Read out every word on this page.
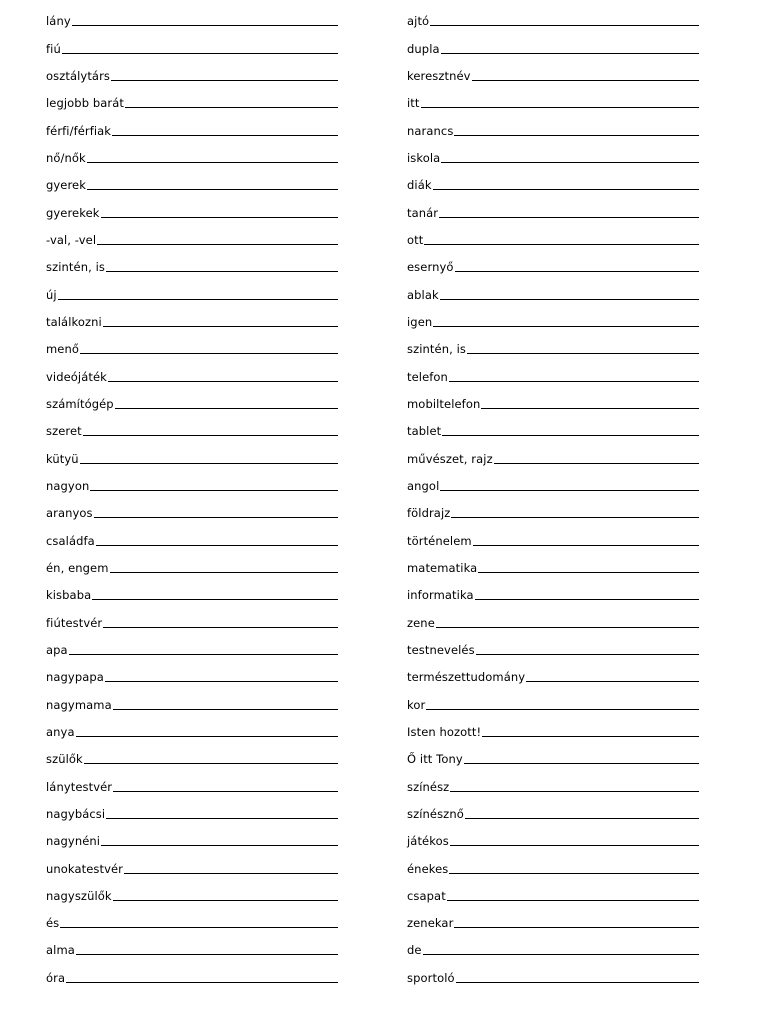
lány
fiú
osztálytárs
legjobb barát
férfi/férfiak
nő/nők
gyerek
gyerekek
-val, -vel
szintén, is
új
találkozni
menő
videójáték
számítógép
szeret
kütyü
nagyon
aranyos
családfa
én, engem
kisbaba
fiútestvér
apa
nagypapa
nagymama
anya
szülők
lánytestvér
nagybácsi
nagynéni
unokatestvér
nagyszülők
és
alma
óra
ajtó
dupla
keresztnév
itt
narancs
iskola
diák
tanár
ott
esernyő
ablak
igen
szintén, is
telefon
mobiltelefon
tablet
művészet, rajz
angol
földrajz
történelem
matematika
informatika
zene
testnevelés
természettudomány
kor
Isten hozott!
Ő itt Tony
színész
színésznő
játékos
énekes
csapat
zenekar
de
sportoló
